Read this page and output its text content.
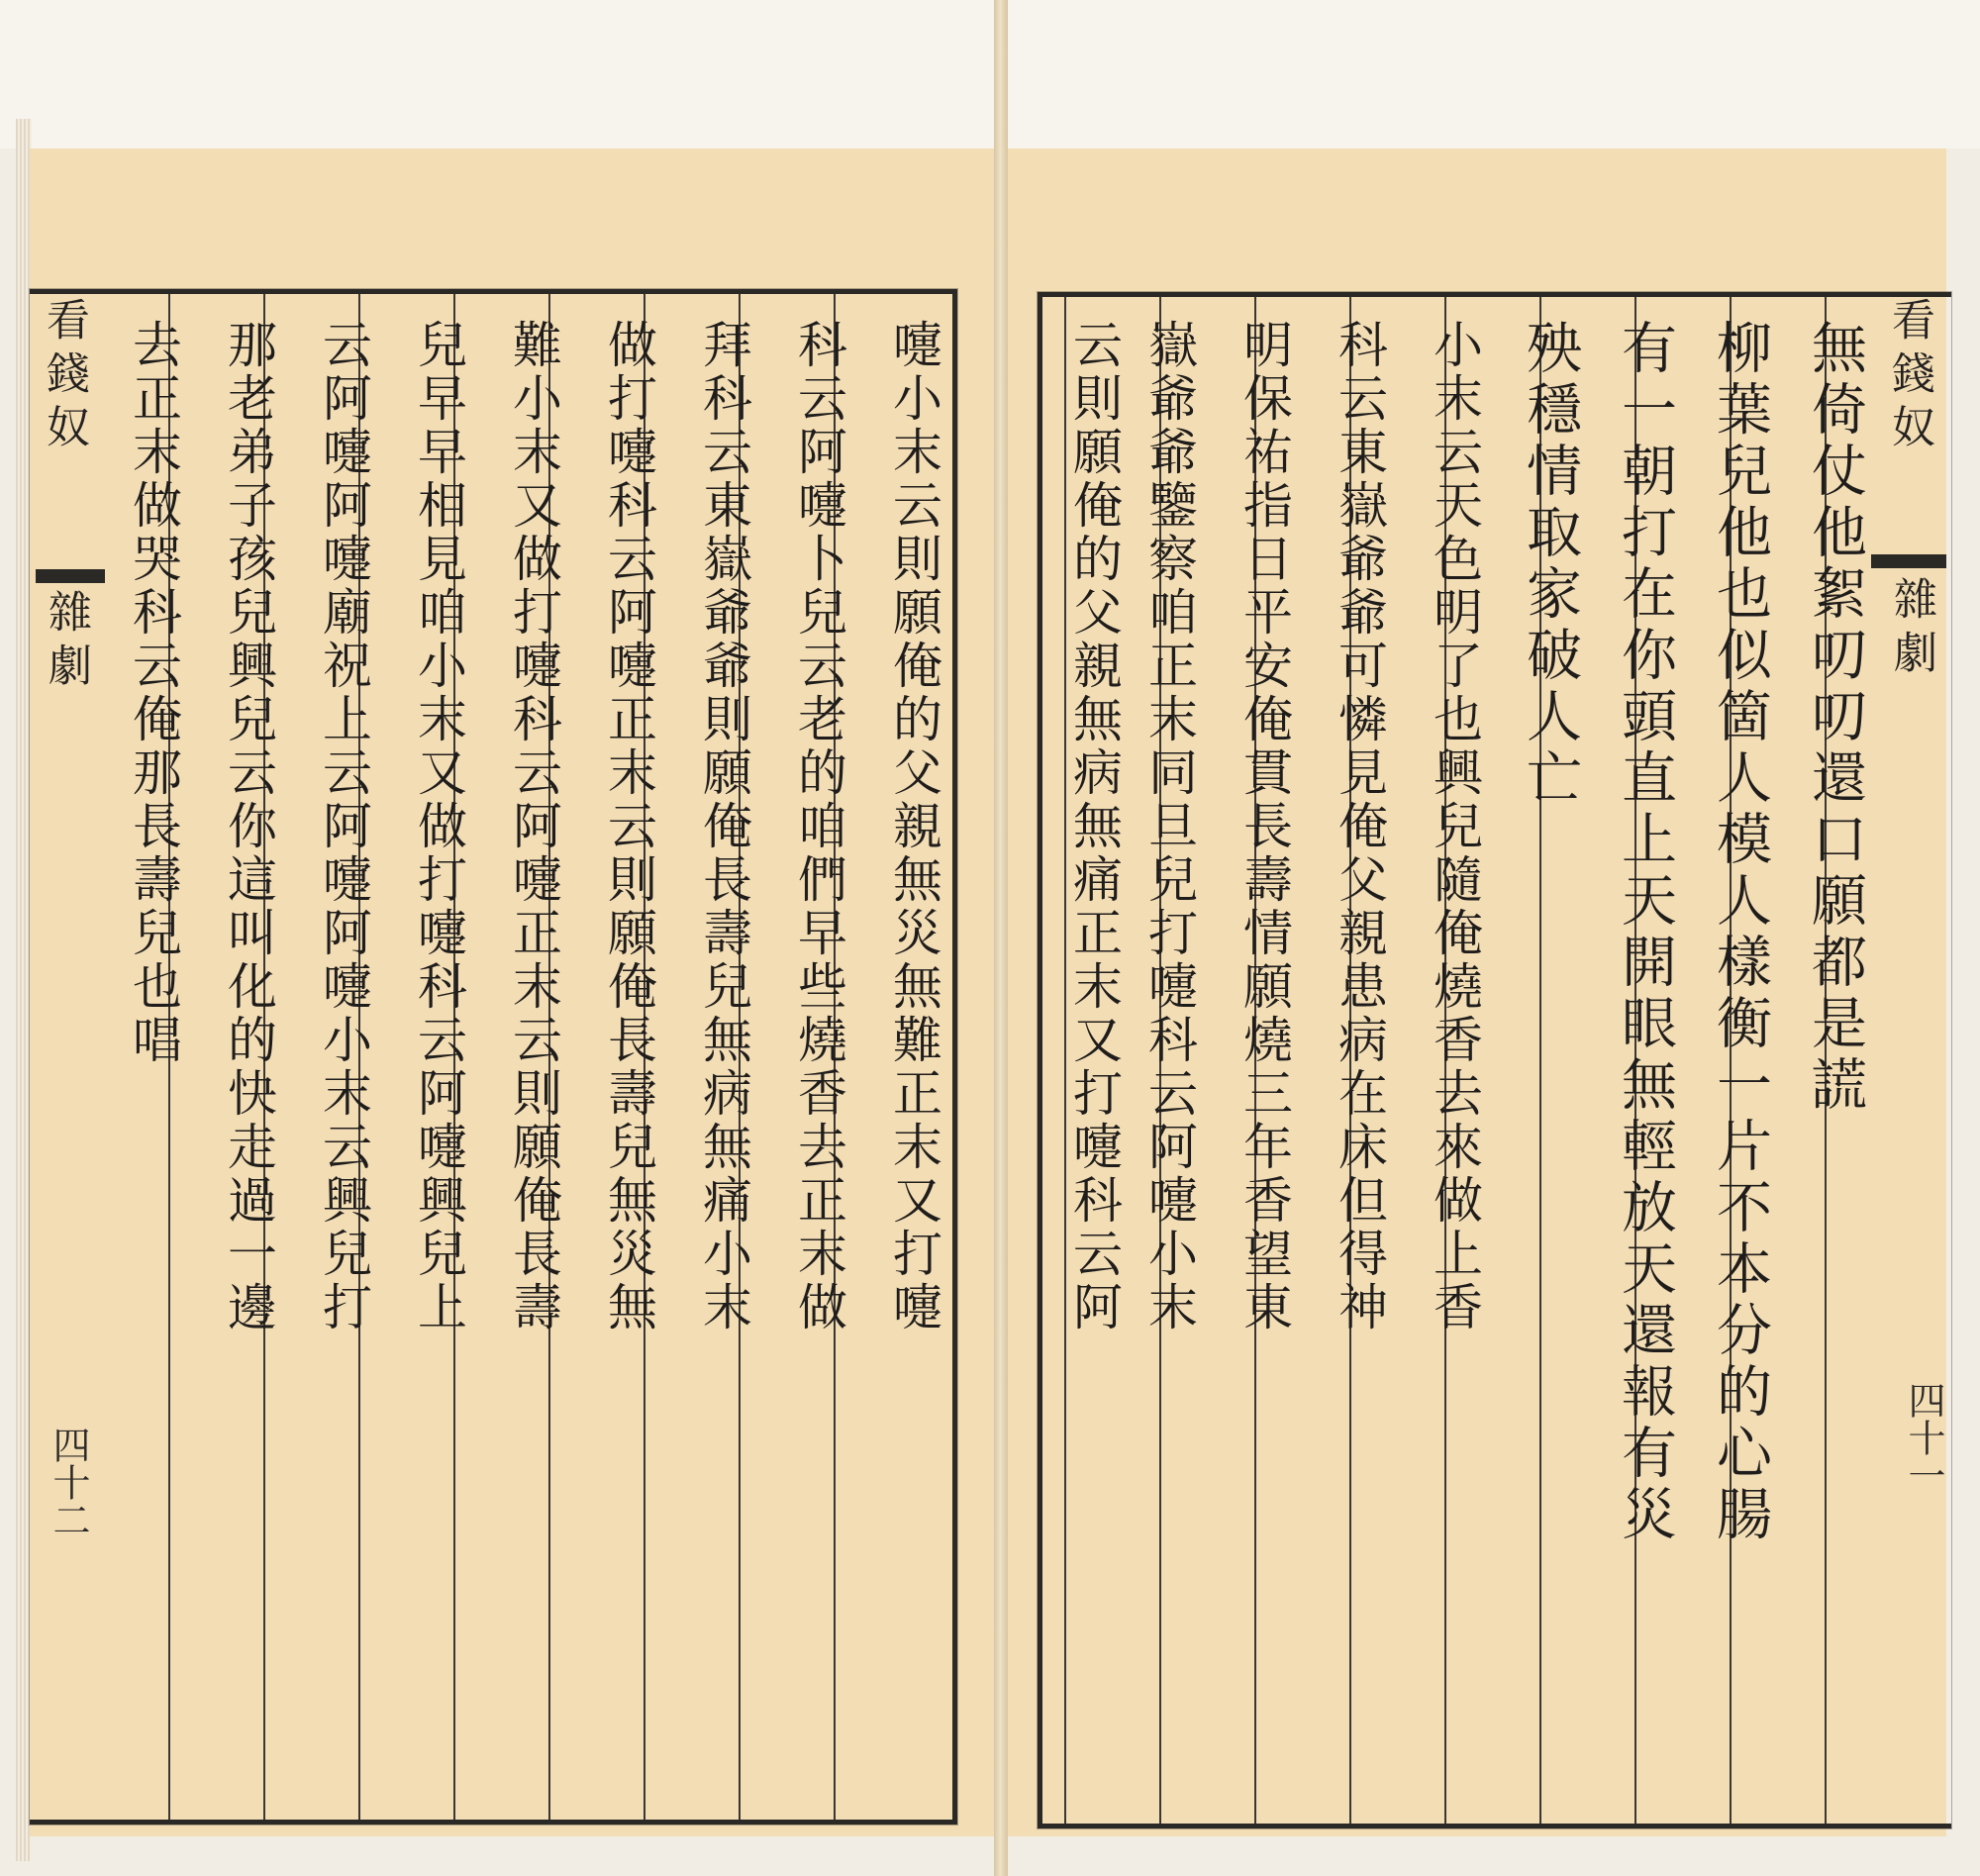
看錢奴
雜劇
四十二
嚏小末云則願俺的父親無災無難正末又打嚏
科云阿嚏卜兒云老的咱們早些燒香去正末做
拜科云東嶽爺爺則願俺長壽兒無病無痛小末
做打嚏科云阿嚏正末云則願俺長壽兒無災無
難小末又做打嚏科云阿嚏正末云則願俺長壽
兒早早相見咱小末又做打嚏科云阿嚏興兒上
云阿嚏阿嚏廟祝上云阿嚏阿嚏小末云興兒打
那老弟子孩兒興兒云你這叫化的快走過一邊
去正末做哭科云俺那長壽兒也唱	看錢奴
雜劇
四十一
無倚仗他絮叨叨還口願都是謊
柳葉兒他也似箇人模人樣衡一片不本分的心腸
有一朝打在你頭直上天開眼無輕放天還報有災
殃穩情取家破人亡
小末云天色明了也興兒隨俺燒香去來做上香
科云東嶽爺爺可憐見俺父親患病在床但得神
明保祐指日平安俺貫長壽情願燒三年香望東
嶽爺爺鑒察咱正末同旦兒打嚏科云阿嚏小末
云則願俺的父親無病無痛正末又打嚏科云阿
